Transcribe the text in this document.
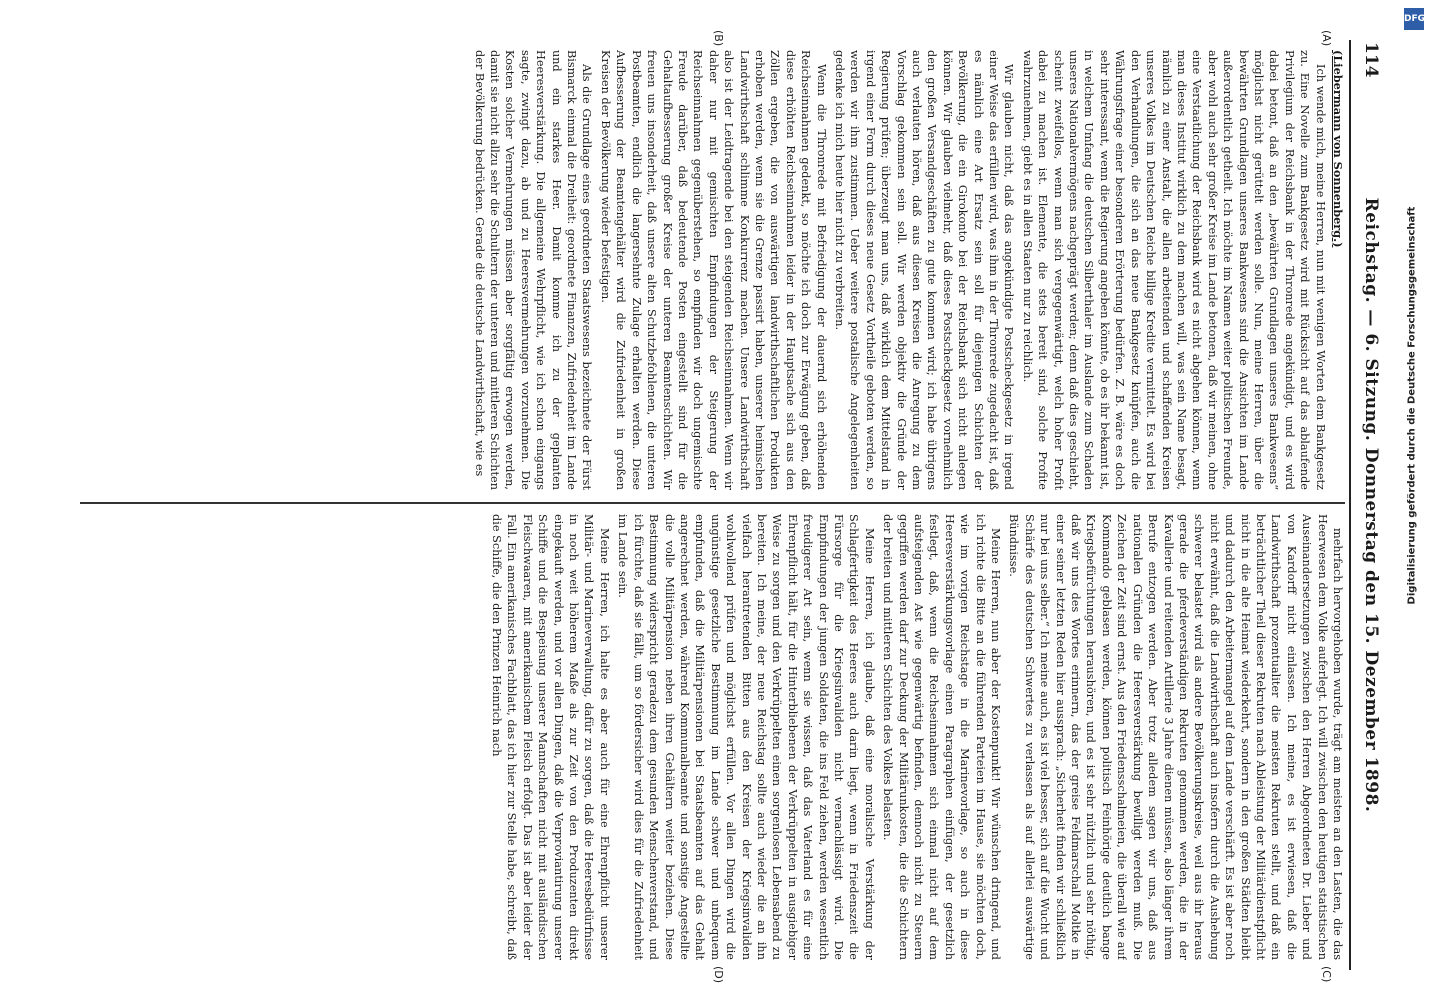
114
Reichstag. — 6. Sitzung. Donnerstag den 15. Dezember 1898.
(A)
(B)
(C)
(D)
(Liebermann von Sonnenberg.)

Ich wende mich, meine Herren, nun mit wenigen Worten dem Bankgesetz zu. Eine Novelle zum Bankgesetz wird mit Rücksicht auf das ablaufende Privilegium der Reichsbank in der Thronrede angekündigt, und es wird dabei betont, daß an den „bewährten Grundlagen unseres Bankwesens“ möglichst nicht gerüttelt werden solle. Nun, meine Herren, über die bewährten Grundlagen unseres Bankwesens sind die Ansichten im Lande außerordentlich getheilt. Ich möchte im Namen weiter politischen Freunde, aber wohl auch sehr großer Kreise im Lande betonen, daß wir meinen, ohne eine Verstaatlichung der Reichsbank wird es nicht abgehen können, wenn man dieses Institut wirklich zu dem machen will, was sein Name besagt, nämlich zu einer Anstalt, die allen arbeitenden und schaffenden Kreisen unseres Volkes im Deutschen Reiche billige Kredite vermittelt. Es wird bei den Verhandlungen, die sich an das neue Bankgesetz knüpfen, auch die Währungsfrage einer besonderen Erörterung bedürfen. Z. B. wäre es doch sehr interessant, wenn die Regierung angeben könnte, ob es ihr bekannt ist, in welchem Umfang die deutschen Silberthaler im Auslande zum Schaden unseres Nationalvermögens nachgeprägt werden; denn daß dies geschieht, scheint zweifellos, wenn man sich vergegenwärtigt, welch hoher Profit dabei zu machen ist. Elemente, die stets bereit sind, solche Profite wahrzunehmen, giebt es in allen Staaten nur zu reichlich.

Wir glauben nicht, daß das angekündigte Postscheckgesetz in irgend einer Weise das erfüllen wird, was ihm in der Thronrede zugedacht ist, daß es nämlich eine Art Ersatz sein soll für diejenigen Schichten der Bevölkerung, die ein Girokonto bei der Reichsbank sich nicht anlegen können. Wir glauben vielmehr, daß dieses Postscheckgesetz vornehmlich den großen Versandgeschäften zu gute kommen wird; ich habe übrigens auch verlauten hören, daß aus diesen Kreisen die Anregung zu dem Vorschlag gekommen sein soll. Wir werden objektiv die Gründe der Regierung prüfen; überzeugt man uns, daß wirklich dem Mittelstand in irgend einer Form durch dieses neue Gesetz Vortheile geboten werden, so werden wir ihm zustimmen. Ueber weitere postalische Angelegenheiten gedenke ich mich heute hier nicht zu verbreiten.

Wenn die Thronrede mit Befriedigung der dauernd sich erhöhenden Reichseinnahmen gedenkt, so möchte ich doch zur Erwägung geben, daß diese erhöhten Reichseinnahmen leider in der Hauptsache sich aus den Zöllen ergeben, die von auswärtigen landwirthschaftlichen Produkten erhoben werden, wenn sie die Grenze passirt haben, unserer heimischen Landwirthschaft schlimme Konkurrenz machen. Unsere Landwirthschaft also ist der Leidtragende bei den steigenden Reichseinnahmen. Wenn wir daher nur mit gemischten Empfindungen der Steigerung der Reichseinnahmen gegenüberstehen, so empfinden wir doch ungemischte Freude darüber, daß bedeutende Posten eingestellt sind für die Gehaltaufbesserung großer Kreise der unteren Beamtenschichten. Wir freuen uns insonderheit, daß unsere alten Schutzbefohlenen, die unteren Postbeamten, endlich die langersehnte Zulage erhalten werden. Diese Aufbesserung der Beamtengehälter wird die Zufriedenheit in großen Kreisen der Bevölkerung wieder befestigen.

Als die Grundlage eines geordneten Staatswesens bezeichnete der Fürst Bismarck einmal die Dreiheit: geordnete Finanzen, Zufriedenheit im Lande und ein starkes Heer. Damit komme ich zu der geplanten Heeresverstärkung. Die allgemeine Wehrpflicht, wie ich schon eingangs sagte, zwingt dazu, ab und zu Heeresvermehrungen vorzunehmen. Die Kosten solcher Vermehrungen müssen aber sorgfältig erwogen werden, damit sie nicht allzu sehr die Schultern der unteren und mittleren Schichten der Bevölkerung bedrücken. Gerade die deutsche Landwirthschaft, wie es

mehrfach hervorgehoben wurde, trägt am meisten an den Lasten, die das Heerwesen dem Volke auferlegt. Ich will zwischen den heutigen statistischen Auseinandersetzungen zwischen den Herren Abgeordneten Dr. Lieber und von Kardorff nicht einlassen. Ich meine, es ist erwiesen, daß die Landwirthschaft prozentualiter die meisten Rekruten stellt, und daß ein beträchtlicher Theil dieser Rekruten nach Ableistung der Militärdienstpflicht nicht in die alte Heimat wiederkehrt, sondern in den großen Städten bleibt und dadurch den Arbeitermangel auf dem Lande verschärft. Es ist aber noch nicht erwähnt, daß die Landwirthschaft auch insofern durch die Aushebung schwerer belastet wird als andere Bevölkerungskreise, weil aus ihr heraus gerade die pferdeverständigen Rekruten genommen werden, die in der Kavallerie und reitenden Artillerie 3 Jahre dienen müssen, also länger ihrem Berufe entzogen werden. Aber trotz alledem sagen wir uns, daß aus nationalen Gründen die Heeresverstärkung bewilligt werden muß. Die Zeichen der Zeit sind ernst. Aus den Friedensschalmeien, die überall wie auf Kommando geblasen werden, können politisch Feinhörige deutlich bange Kriegsbefürchtungen heraushören, und es ist sehr nützlich und sehr nöthig, daß wir uns des Wortes erinnern, das der greise Feldmarschall Moltke in einer seiner letzten Reden hier aussprach: „Sicherheit finden wir schließlich nur bei uns selber.“ Ich meine auch, es ist viel besser, sich auf die Wucht und Schärfe des deutschen Schwertes zu verlassen als auf allerlei auswärtige Bündnisse.

Meine Herren, nun aber der Kostenpunkt! Wir wünschen dringend, und ich richte die Bitte an die führenden Parteien im Hause, sie möchten doch, wie im vorigen Reichstage in die Marinevorlage, so auch in diese Heeresverstärkungsvorlage einen Paragraphen einfügen, der gesetzlich festlegt, daß, wenn die Reichseinnahmen sich einmal nicht auf dem aufsteigenden Ast wie gegenwärtig befinden, dennoch nicht zu Steuern gegriffen werden darf zur Deckung der Militärunkosten, die die Schichtern der breiten und mittleren Schichten des Volkes belasten.

Meine Herren, ich glaube, daß eine moralische Verstärkung der Schlagfertigkeit des Heeres auch darin liegt, wenn in Friedenszeit die Fürsorge für die Kriegsinvaliden nicht vernachlässigt wird. Die Empfindungen der jungen Soldaten, die ins Feld ziehen, werden wesentlich freudigerer Art sein, wenn sie wissen, daß das Vaterland es für eine Ehrenpflicht hält, für die Hinterbliebenen der Verkrüppelten in ausgiebiger Weise zu sorgen und den Verkrüppelten einen sorgenlosen Lebensabend zu bereiten. Ich meine, der neue Reichstag sollte auch wieder die an ihn vielfach herantretenden Bitten aus den Kreisen der Kriegsinvaliden wohlwollend prüfen und möglichst erfüllen. Vor allen Dingen wird die ungünstige gesetzliche Bestimmung im Lande schwer und unbequem empfunden, daß die Militärpensionen bei Staatsbeamten auf das Gehalt angerechnet werden, während Kommunalbeamte und sonstige Angestellte die volle Militärpension neben ihren Gehältern weiter beziehen. Diese Bestimmung widerspricht geradezu dem gesunden Menschenverstand, und ich fürchte, daß sie fällt, um so fördersicher wird dies für die Zufriedenheit im Lande sein.

Meine Herren, ich halte es aber auch für eine Ehrenpflicht unserer Militär- und Marineverwaltung, dafür zu sorgen, daß die Heeresbedürfnisse in noch weit höherem Maße als zur Zeit von den Produzenten direkt eingekauft werden, und vor allen Dingen, daß die Verproviantirung unserer Schiffe und die Bespeisung unserer Mannschaften nicht mit ausländischen Fleischwaaren, mit amerikanischem Fleisch erfolgt. Das ist aber leider der Fall. Ein amerikanisches Fachblatt, das ich hier zur Stelle habe, schreibt, daß die Schiffe, die den Prinzen Heinrich nach

DFG
Digitalisierung gefördert durch die Deutsche Forschungsgemeinschaft
